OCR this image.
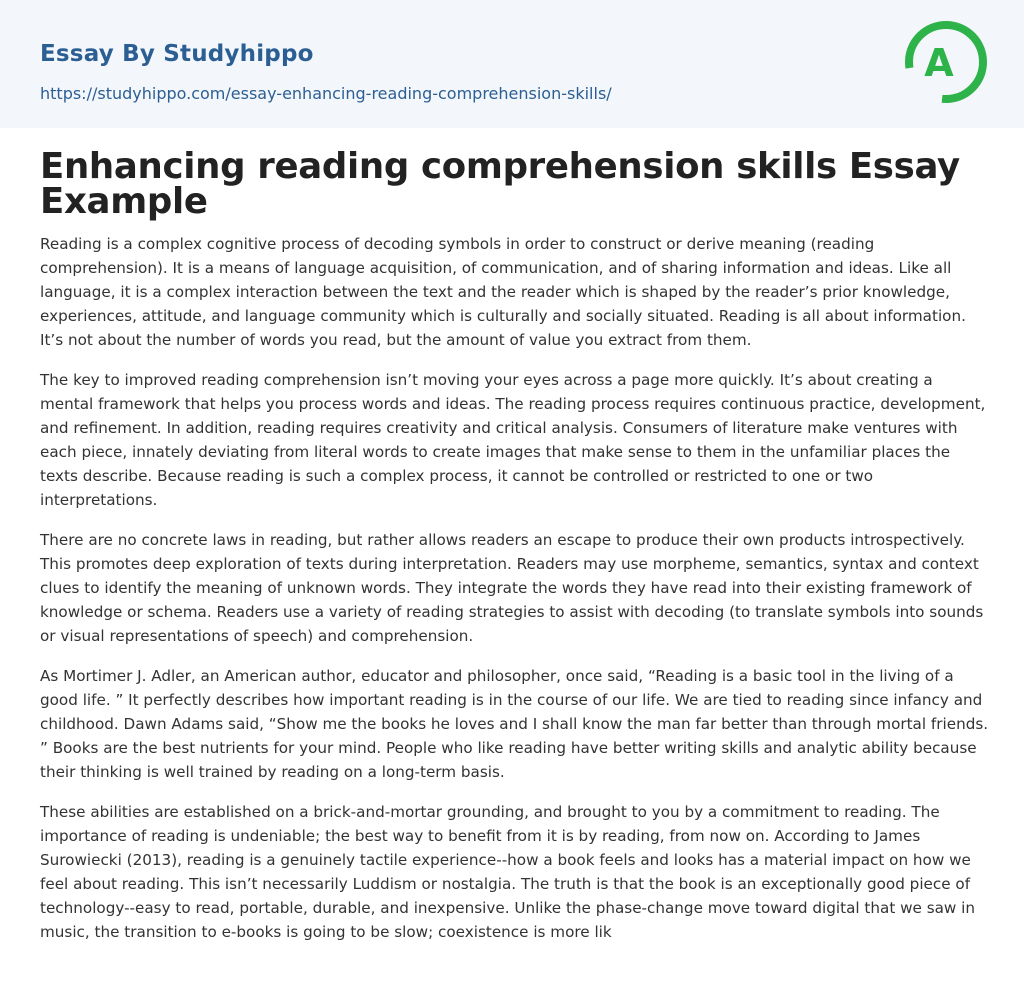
Essay By Studyhippo
https://studyhippo.com/essay-enhancing-reading-comprehension-skills/
A
Enhancing reading comprehension skills Essay Example

Reading is a complex cognitive process of decoding symbols in order to construct or derive meaning (reading comprehension). It is a means of language acquisition, of communication, and of sharing information and ideas. Like all language, it is a complex interaction between the text and the reader which is shaped by the reader’s prior knowledge, experiences, attitude, and language community which is culturally and socially situated. Reading is all about information. It’s not about the number of words you read, but the amount of value you extract from them.

The key to improved reading comprehension isn’t moving your eyes across a page more quickly. It’s about creating a mental framework that helps you process words and ideas. The reading process requires continuous practice, development, and refinement. In addition, reading requires creativity and critical analysis. Consumers of literature make ventures with each piece, innately deviating from literal words to create images that make sense to them in the unfamiliar places the texts describe. Because reading is such a complex process, it cannot be controlled or restricted to one or two interpretations.

There are no concrete laws in reading, but rather allows readers an escape to produce their own products introspectively. This promotes deep exploration of texts during interpretation. Readers may use morpheme, semantics, syntax and context clues to identify the meaning of unknown words. They integrate the words they have read into their existing framework of knowledge or schema. Readers use a variety of reading strategies to assist with decoding (to translate symbols into sounds or visual representations of speech) and comprehension.

As Mortimer J. Adler, an American author, educator and philosopher, once said, “Reading is a basic tool in the living of a good life. ” It perfectly describes how important reading is in the course of our life. We are tied to reading since infancy and childhood. Dawn Adams said, “Show me the books he loves and I shall know the man far better than through mortal friends. ” Books are the best nutrients for your mind. People who like reading have better writing skills and analytic ability because their thinking is well trained by reading on a long-term basis.

These abilities are established on a brick-and-mortar grounding, and brought to you by a commitment to reading. The importance of reading is undeniable; the best way to benefit from it is by reading, from now on. According to James Surowiecki (2013), reading is a genuinely tactile experience--how a book feels and looks has a material impact on how we feel about reading. This isn’t necessarily Luddism or nostalgia. The truth is that the book is an exceptionally good piece of technology--easy to read, portable, durable, and inexpensive. Unlike the phase-change move toward digital that we saw in music, the transition to e-books is going to be slow; coexistence is more lik
